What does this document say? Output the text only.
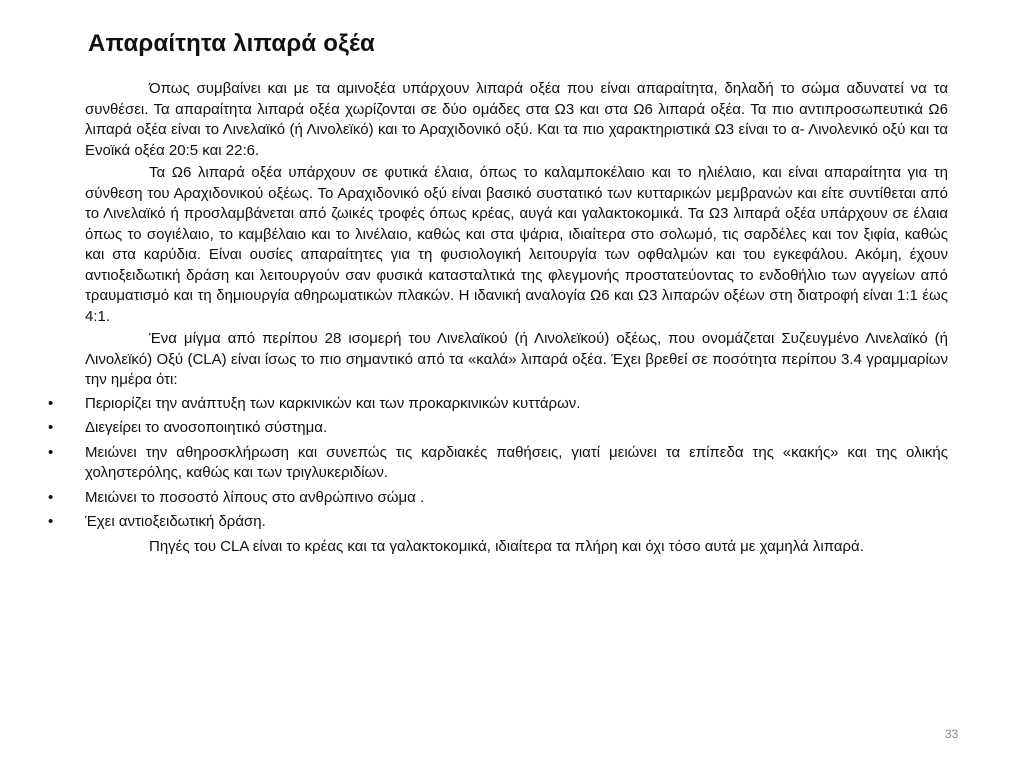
Απαραίτητα λιπαρά οξέα

Όπως συμβαίνει και με τα αμινοξέα υπάρχουν λιπαρά οξέα που είναι απαραίτητα, δηλαδή το σώμα αδυνατεί να τα συνθέσει. Τα απαραίτητα λιπαρά οξέα χωρίζονται σε δύο ομάδες στα Ω3 και στα Ω6 λιπαρά οξέα. Τα πιο αντιπροσωπευτικά Ω6 λιπαρά οξέα είναι το Λινελαϊκό (ή Λινολεϊκό) και το Αραχιδονικό οξύ. Και τα πιο χαρακτηριστικά Ω3 είναι το α- Λινολενικό οξύ και τα Ενοϊκά οξέα 20:5 και 22:6.

Τα Ω6 λιπαρά οξέα υπάρχουν σε φυτικά έλαια, όπως το καλαμποκέλαιο και το ηλιέλαιο, και είναι απαραίτητα για τη σύνθεση του Αραχιδονικού οξέως. Το Αραχιδονικό οξύ είναι βασικό συστατικό των κυτταρικών μεμβρανών και είτε συντίθεται από το Λινελαϊκό ή προσλαμβάνεται από ζωικές τροφές όπως κρέας, αυγά και γαλακτοκομικά. Τα Ω3 λιπαρά οξέα υπάρχουν σε έλαια όπως το σογιέλαιο, το καμβέλαιο και το λινέλαιο, καθώς και στα ψάρια, ιδιαίτερα στο σολωμό, τις σαρδέλες και τον ξιφία, καθώς και στα καρύδια. Είναι ουσίες απαραίτητες για τη φυσιολογική λειτουργία των οφθαλμών και του εγκεφάλου. Ακόμη, έχουν αντιοξειδωτική δράση και λειτουργούν σαν φυσικά κατασταλτικά της φλεγμονής προστατεύοντας το ενδοθήλιο των αγγείων από τραυματισμό και τη δημιουργία αθηρωματικών πλακών. Η ιδανική αναλογία Ω6 και Ω3 λιπαρών οξέων στη διατροφή είναι 1:1 έως 4:1.

Ένα μίγμα από περίπου 28 ισομερή του Λινελαϊκού (ή Λινολεϊκού) οξέως, που ονομάζεται Συζευγμένο Λινελαϊκό (ή Λινολεϊκό) Οξύ (CLA) είναι ίσως το πιο σημαντικό από τα «καλά» λιπαρά οξέα. Έχει βρεθεί σε ποσότητα περίπου 3.4 γραμμαρίων την ημέρα ότι:

• Περιορίζει την ανάπτυξη των καρκινικών και των προκαρκινικών κυττάρων.
• Διεγείρει το ανοσοποιητικό σύστημα.
• Μειώνει την αθηροσκλήρωση και συνεπώς τις καρδιακές παθήσεις, γιατί μειώνει τα επίπεδα της «κακής» και της ολικής χοληστερόλης, καθώς και των τριγλυκεριδίων.
• Μειώνει το ποσοστό λίπους στο ανθρώπινο σώμα .
• Έχει αντιοξειδωτική δράση.

Πηγές του CLA είναι το κρέας και τα γαλακτοκομικά, ιδιαίτερα τα πλήρη και όχι τόσο αυτά με χαμηλά λιπαρά.

33
